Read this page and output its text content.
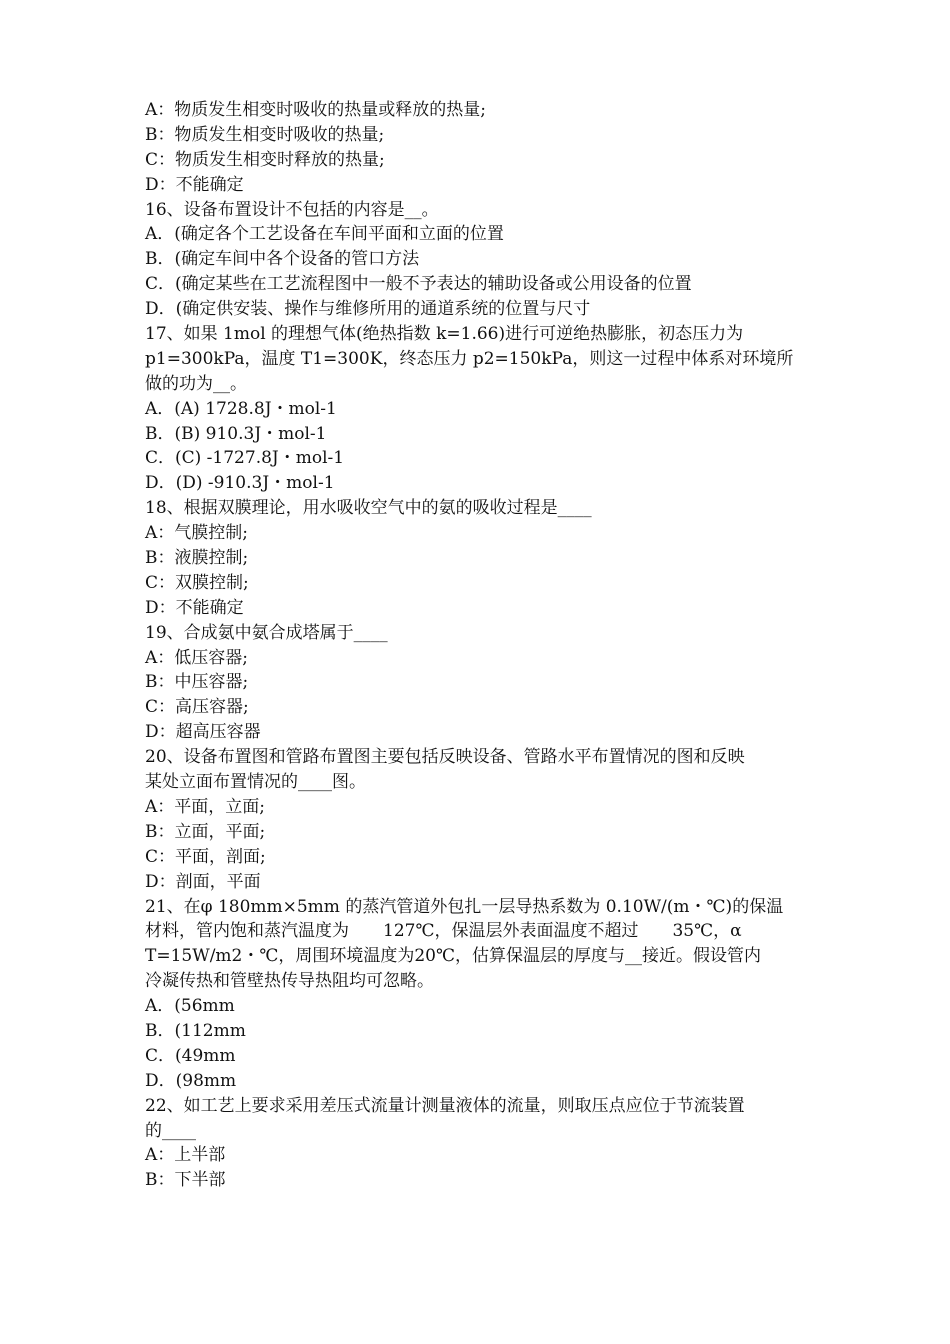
A：物质发生相变时吸收的热量或释放的热量;
B：物质发生相变时吸收的热量;
C：物质发生相变时释放的热量;
D：不能确定
16、设备布置设计不包括的内容是__。
A．(确定各个工艺设备在车间平面和立面的位置
B．(确定车间中各个设备的管口方法
C．(确定某些在工艺流程图中一般不予表达的辅助设备或公用设备的位置
D．(确定供安装、操作与维修所用的通道系统的位置与尺寸
17、如果 1mol 的理想气体(绝热指数 k=1.66)进行可逆绝热膨胀，初态压力为
p1=300kPa，温度 T1=300K，终态压力 p2=150kPa，则这一过程中体系对环境所
做的功为__。
A．(A) 1728.8J・mol-1
B．(B) 910.3J・mol-1
C．(C) -1727.8J・mol-1
D．(D) -910.3J・mol-1
18、根据双膜理论，用水吸收空气中的氨的吸收过程是____
A：气膜控制;
B：液膜控制;
C：双膜控制;
D：不能确定
19、合成氨中氨合成塔属于____
A：低压容器;
B：中压容器;
C：高压容器;
D：超高压容器
20、设备布置图和管路布置图主要包括反映设备、管路水平布置情况的图和反映
某处立面布置情况的____图。
A：平面，立面;
B：立面，平面;
C：平面，剖面;
D：剖面，平面
21、在φ 180mm×5mm 的蒸汽管道外包扎一层导热系数为 0.10W/(m・℃)的保温
材料，管内饱和蒸汽温度为　　127℃，保温层外表面温度不超过　　35℃，α
T=15W/m2・℃，周围环境温度为20℃，估算保温层的厚度与__接近。假设管内
冷凝传热和管壁热传导热阻均可忽略。
A．(56mm
B．(112mm
C．(49mm
D．(98mm
22、如工艺上要求采用差压式流量计测量液体的流量，则取压点应位于节流装置
的____
A：上半部
B：下半部
